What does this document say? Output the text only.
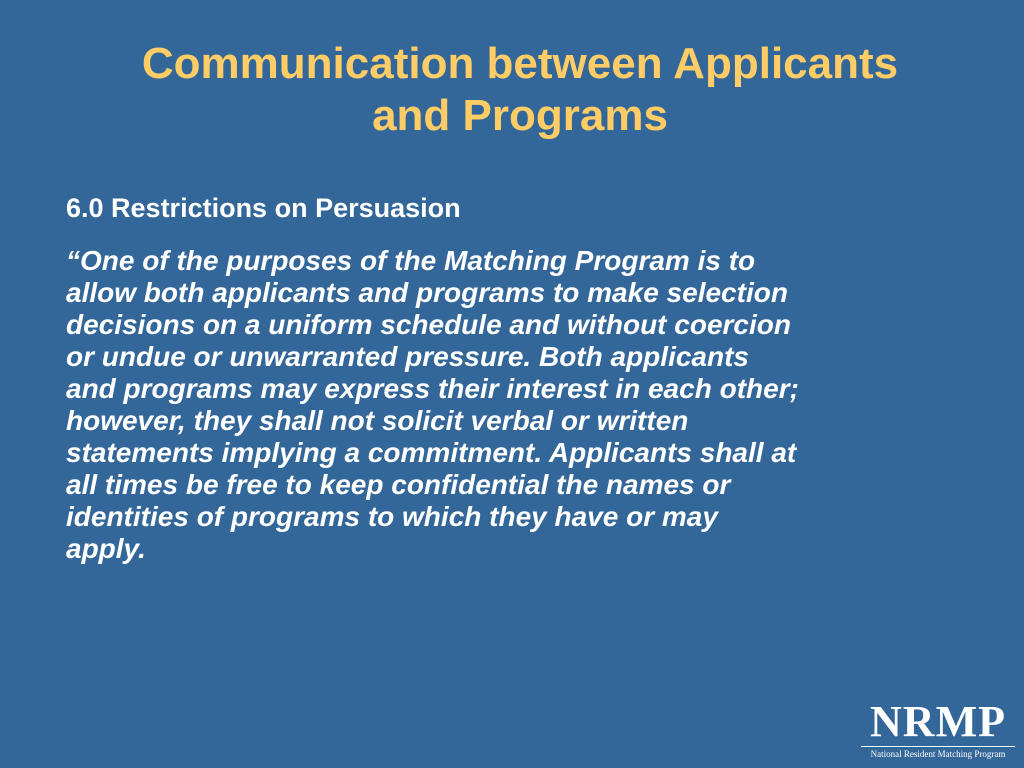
Communication between Applicants
and Programs
6.0 Restrictions on Persuasion

“One of the purposes of the Matching Program is to
allow both applicants and programs to make selection
decisions on a uniform schedule and without coercion
or undue or unwarranted pressure. Both applicants
and programs may express their interest in each other;
however, they shall not solicit verbal or written
statements implying a commitment. Applicants shall at
all times be free to keep confidential the names or
identities of programs to which they have or may
apply.

NRMP
National Resident Matching Program
